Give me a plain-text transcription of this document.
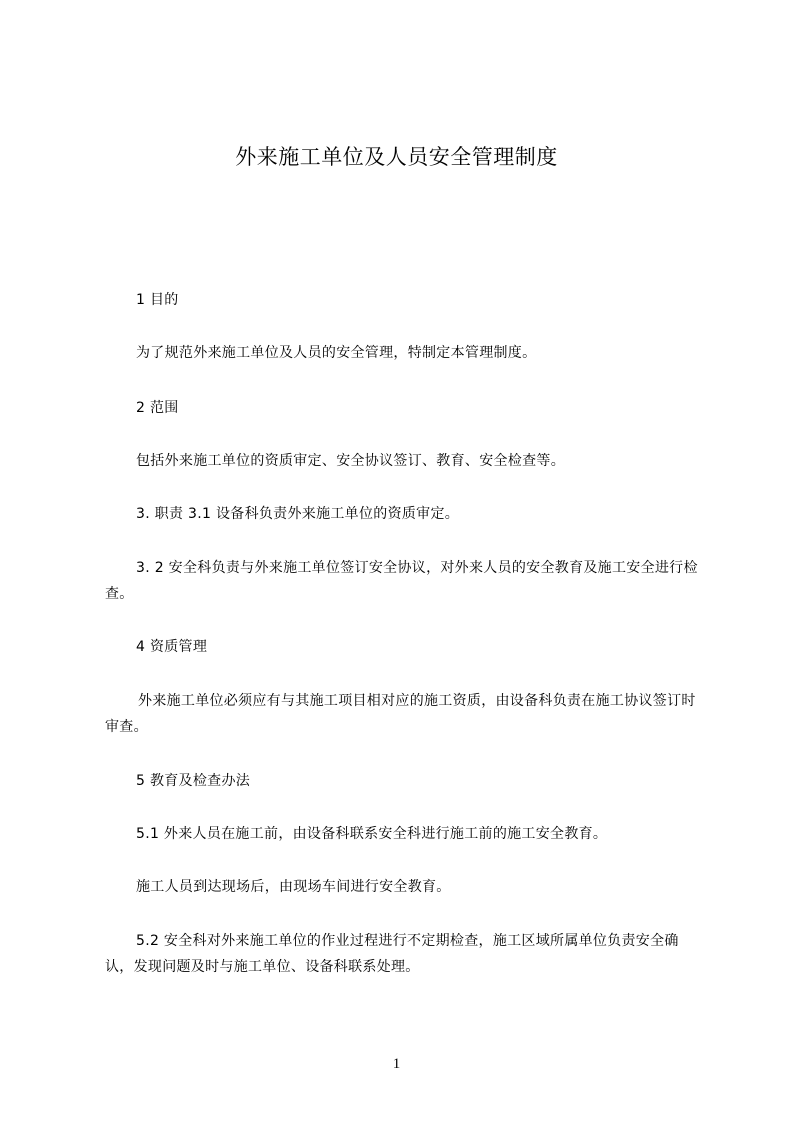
外来施工单位及人员安全管理制度

1 目的

为了规范外来施工单位及人员的安全管理，特制定本管理制度。

2 范围

包括外来施工单位的资质审定、安全协议签订、教育、安全检查等。

3. 职责 3.1 设备科负责外来施工单位的资质审定。

3. 2 安全科负责与外来施工单位签订安全协议，对外来人员的安全教育及施工安全进行检查。

4 资质管理

外来施工单位必须应有与其施工项目相对应的施工资质，由设备科负责在施工协议签订时审查。

5 教育及检查办法

5.1 外来人员在施工前，由设备科联系安全科进行施工前的施工安全教育。

施工人员到达现场后，由现场车间进行安全教育。

5.2 安全科对外来施工单位的作业过程进行不定期检查，施工区域所属单位负责安全确认，发现问题及时与施工单位、设备科联系处理。

1
